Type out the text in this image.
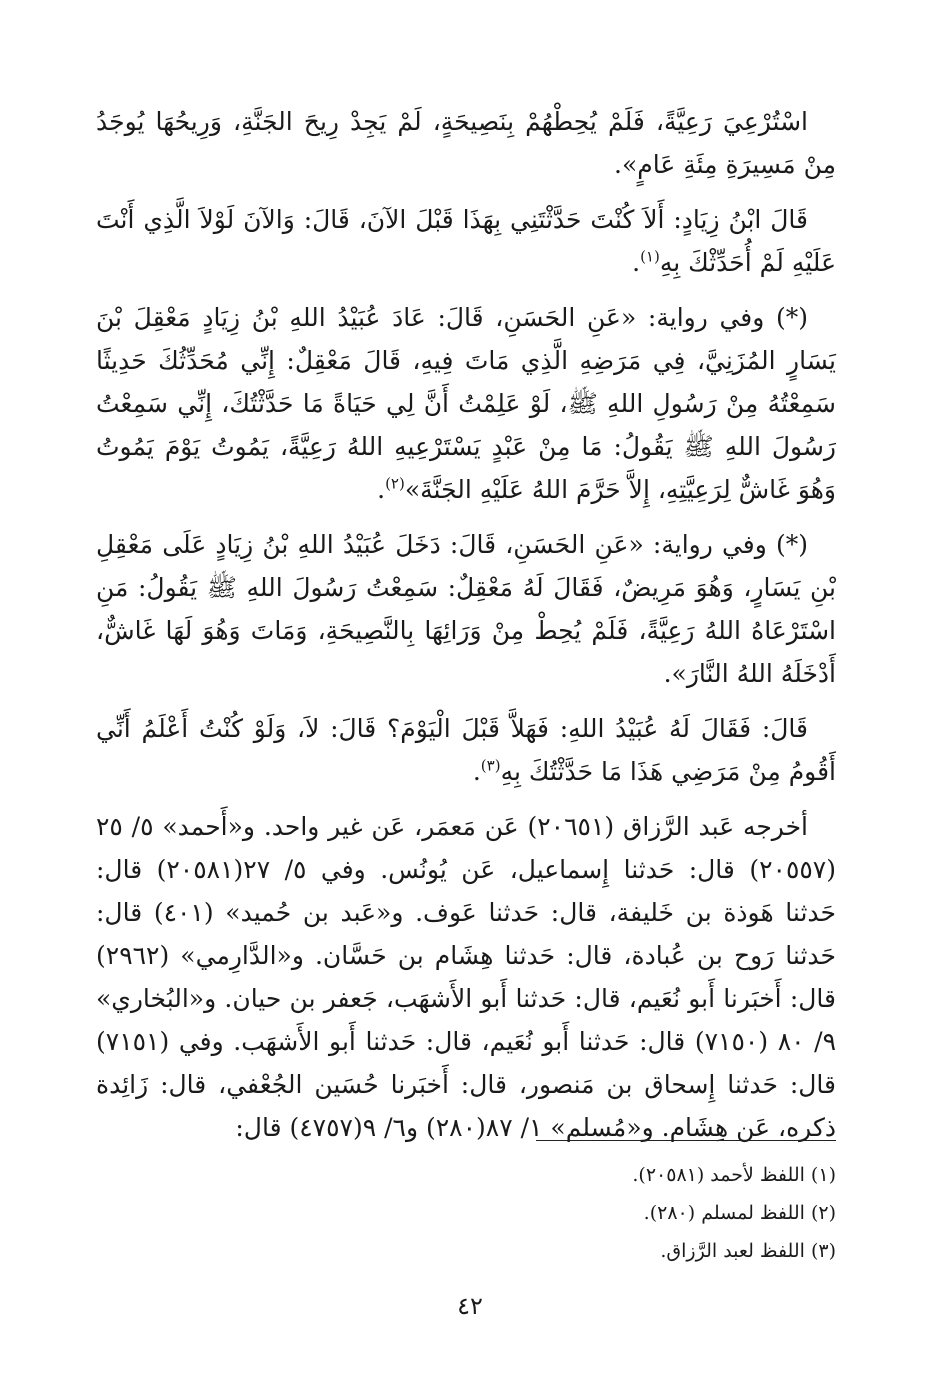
اسْتُرْعِيَ رَعِيَّةً، فَلَمْ يُحِطْهُمْ بِنَصِيحَةٍ، لَمْ يَجِدْ رِيحَ الجَنَّةِ، وَرِيحُهَا يُوجَدُ مِنْ مَسِيرَةِ مِئَةِ عَامٍ».

قَالَ ابْنُ زِيَادٍ: أَلاَ كُنْتَ حَدَّثْتَنِي بِهَذَا قَبْلَ الآنَ، قَالَ: وَالآنَ لَوْلاَ الَّذِي أَنْتَ عَلَيْهِ لَمْ أُحَدِّثْكَ بِهِ$^{(١)}$.

(*) وفي رواية: «عَنِ الحَسَنِ، قَالَ: عَادَ عُبَيْدُ اللهِ بْنُ زِيَادٍ مَعْقِلَ بْنَ يَسَارٍ المُزَنِيَّ، فِي مَرَضِهِ الَّذِي مَاتَ فِيهِ، قَالَ مَعْقِلٌ: إِنِّي مُحَدِّثُكَ حَدِيثًا سَمِعْتُهُ مِنْ رَسُولِ اللهِ ﷺ، لَوْ عَلِمْتُ أَنَّ لِي حَيَاةً مَا حَدَّثْتُكَ، إِنِّي سَمِعْتُ رَسُولَ اللهِ ﷺ يَقُولُ: مَا مِنْ عَبْدٍ يَسْتَرْعِيهِ اللهُ رَعِيَّةً، يَمُوتُ يَوْمَ يَمُوتُ وَهُوَ غَاشٌّ لِرَعِيَّتِهِ، إِلاَّ حَرَّمَ اللهُ عَلَيْهِ الجَنَّةَ»$^{(٢)}$.

(*) وفي رواية: «عَنِ الحَسَنِ، قَالَ: دَخَلَ عُبَيْدُ اللهِ بْنُ زِيَادٍ عَلَى مَعْقِلِ بْنِ يَسَارٍ، وَهُوَ مَرِيضٌ، فَقَالَ لَهُ مَعْقِلٌ: سَمِعْتُ رَسُولَ اللهِ ﷺ يَقُولُ: مَنِ اسْتَرْعَاهُ اللهُ رَعِيَّةً، فَلَمْ يُحِطْ مِنْ وَرَائِهَا بِالنَّصِيحَةِ، وَمَاتَ وَهُوَ لَهَا غَاشٌّ، أَدْخَلَهُ اللهُ النَّارَ».

قَالَ: فَقَالَ لَهُ عُبَيْدُ اللهِ: فَهَلاَّ قَبْلَ الْيَوْمَ؟ قَالَ: لاَ، وَلَوْ كُنْتُ أَعْلَمُ أَنِّي أَقُومُ مِنْ مَرَضِي هَذَا مَا حَدَّثْتُكَ بِهِ$^{(٣)}$.

أخرجه عَبد الرَّزاق (٢٠٦٥١) عَن مَعمَر، عَن غير واحد. و«أَحمد» ٥/ ٢٥ (٢٠٥٥٧) قال: حَدثنا إِسماعيل، عَن يُونُس. وفي ٥/ ٢٧(٢٠٥٨١) قال: حَدثنا هَوذة بن خَليفة، قال: حَدثنا عَوف. و«عَبد بن حُميد» (٤٠١) قال: حَدثنا رَوح بن عُبادة، قال: حَدثنا هِشَام بن حَسَّان. و«الدَّارِمي» (٢٩٦٢) قال: أَخبَرنا أَبو نُعَيم، قال: حَدثنا أَبو الأَشهَب، جَعفر بن حيان. و«البُخاري» ٩/ ٨٠ (٧١٥٠) قال: حَدثنا أَبو نُعَيم، قال: حَدثنا أَبو الأَشهَب. وفي (٧١٥١) قال: حَدثنا إِسحاق بن مَنصور، قال: أَخبَرنا حُسَين الجُعْفي، قال: زَائِدة ذكره، عَن هِشَام. و«مُسلم» ١/ ٨٧(٢٨٠) و٦/ ٩(٤٧٥٧) قال:

(١) اللفظ لأحمد (٢٠٥٨١).
(٢) اللفظ لمسلم (٢٨٠).
(٣) اللفظ لعبد الرَّزاق.
٤٢
